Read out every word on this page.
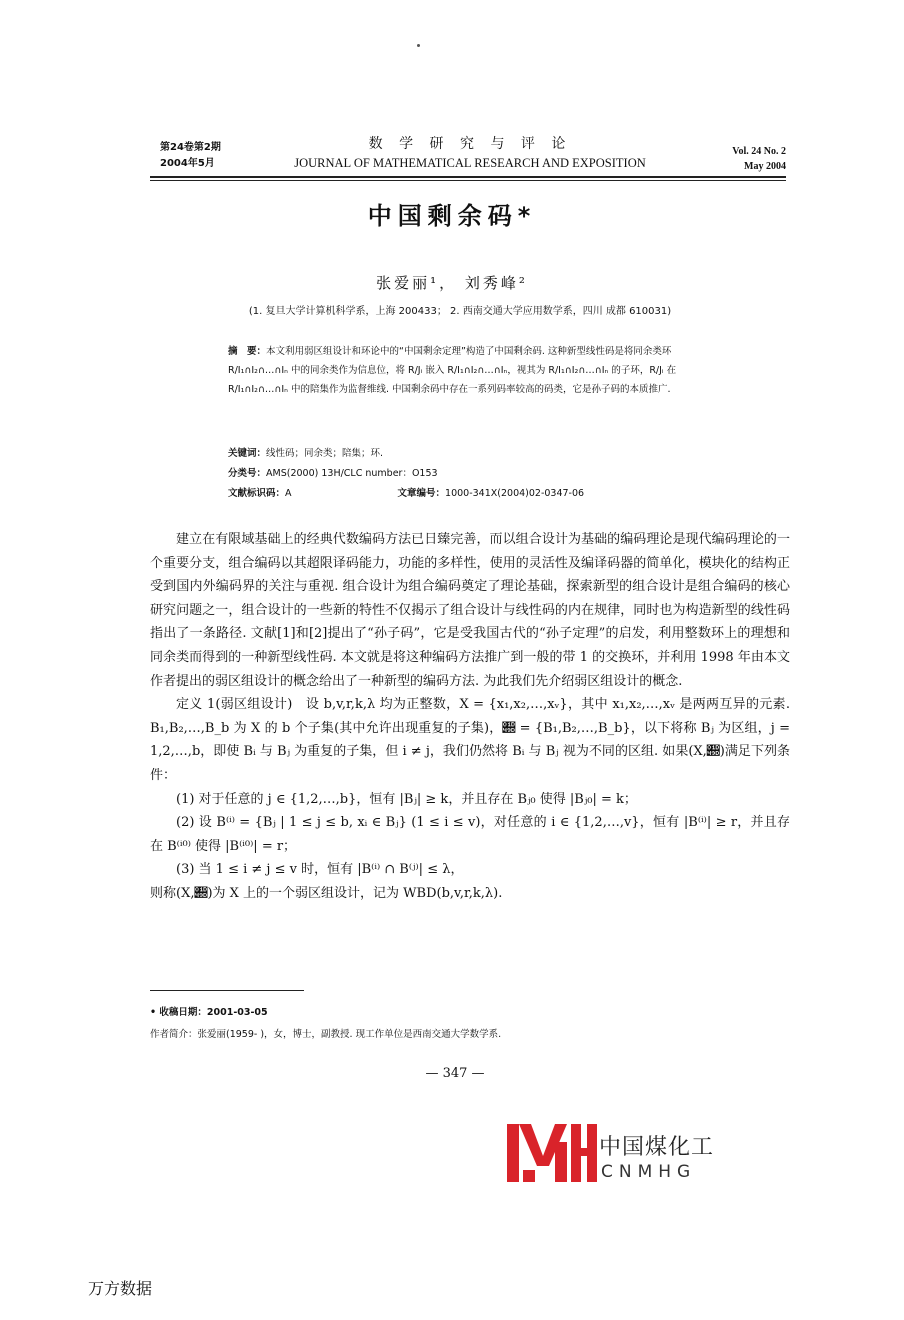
第24卷第2期
2004年5月
数 学 研 究 与 评 论
JOURNAL OF MATHEMATICAL RESEARCH AND EXPOSITION
Vol. 24 No. 2
May 2004
中国剩余码*
张爱丽¹， 刘秀峰²
(1. 复旦大学计算机科学系，上海 200433； 2. 西南交通大学应用数学系，四川 成都 610031)
摘　要：本文利用弱区组设计和环论中的“中国剩余定理”构造了中国剩余码. 这种新型线性码是将同余类环 R/I₁∩I₂∩…∩Iₙ 中的同余类作为信息位，将 R/Jᵢ 嵌入 R/I₁∩I₂∩…∩Iₙ，视其为 R/I₁∩I₂∩…∩Iₙ 的子环，R/Jᵢ 在 R/I₁∩I₂∩…∩Iₙ 中的陪集作为监督维线. 中国剩余码中存在一系列码率较高的码类，它是孙子码的本质推广.
关键词：线性码；同余类；陪集；环.
分类号：AMS(2000) 13H/CLC number：O153
文献标识码：A	文章编号：1000-341X(2004)02-0347-06

建立在有限域基础上的经典代数编码方法已日臻完善，而以组合设计为基础的编码理论是现代编码理论的一个重要分支，组合编码以其超限译码能力，功能的多样性，使用的灵活性及编译码器的简单化，模块化的结构正受到国内外编码界的关注与重视. 组合设计为组合编码奠定了理论基础，探索新型的组合设计是组合编码的核心研究问题之一，组合设计的一些新的特性不仅揭示了组合设计与线性码的内在规律，同时也为构造新型的线性码指出了一条路径. 文献[1]和[2]提出了“孙子码”，它是受我国古代的“孙子定理”的启发，利用整数环上的理想和同余类而得到的一种新型线性码. 本文就是将这种编码方法推广到一般的带 1 的交换环，并利用 1998 年由本文作者提出的弱区组设计的概念给出了一种新型的编码方法. 为此我们先介绍弱区组设计的概念.

定义 1(弱区组设计)　设 b,v,r,k,λ 均为正整数，X = {x₁,x₂,…,xᵥ}，其中 x₁,x₂,…,xᵥ 是两两互异的元素. B₁,B₂,…,B_b 为 X 的 b 个子集(其中允许出现重复的子集)，𝒝 = {B₁,B₂,…,B_b}，以下将称 Bⱼ 为区组，j = 1,2,…,b，即使 Bᵢ 与 Bⱼ 为重复的子集，但 i ≠ j，我们仍然将 Bᵢ 与 Bⱼ 视为不同的区组. 如果(X,𝒝)满足下列条件：

(1) 对于任意的 j ∈ {1,2,…,b}，恒有 |Bⱼ| ≥ k，并且存在 Bⱼ₀ 使得 |Bⱼ₀| = k；

(2) 设 B⁽ⁱ⁾ = {Bⱼ | 1 ≤ j ≤ b, xᵢ ∈ Bⱼ} (1 ≤ i ≤ v)，对任意的 i ∈ {1,2,…,v}，恒有 |B⁽ⁱ⁾| ≥ r，并且存在 B⁽ⁱ⁰⁾ 使得 |B⁽ⁱ⁰⁾| = r；

(3) 当 1 ≤ i ≠ j ≤ v 时，恒有 |B⁽ⁱ⁾ ∩ B⁽ʲ⁾| ≤ λ，

则称(X,𝒝)为 X 上的一个弱区组设计，记为 WBD(b,v,r,k,λ).

• 收稿日期：2001-03-05
作者简介：张爱丽(1959- )，女，博士，副教授. 现工作单位是西南交通大学数学系.
— 347 —
中国煤化工
CNMHG
万方数据
